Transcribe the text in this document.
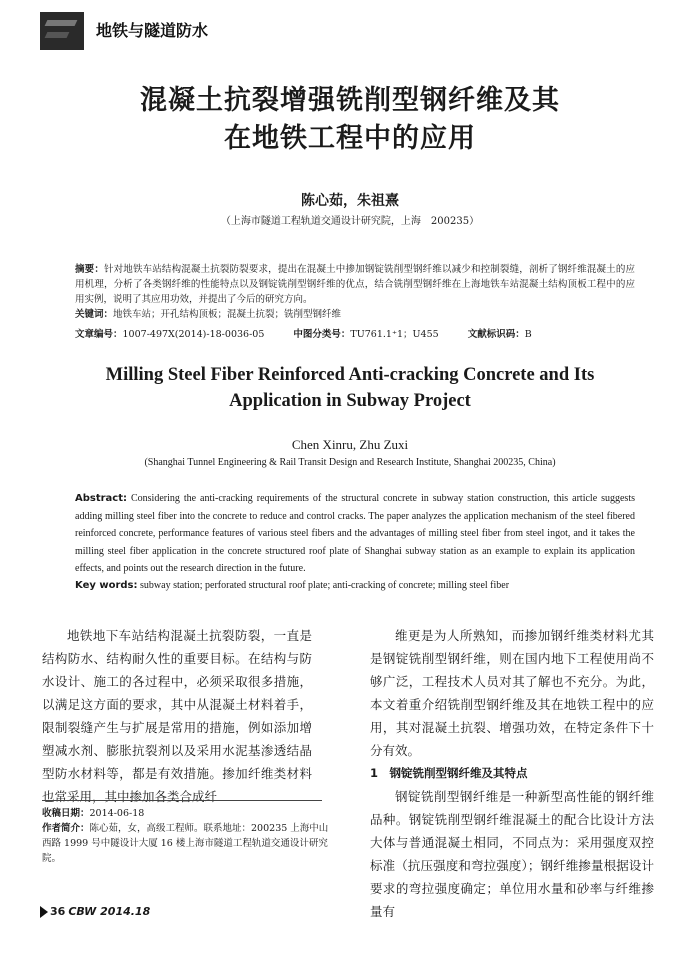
地铁与隧道防水
混凝土抗裂增强铣削型钢纤维及其
在地铁工程中的应用
陈心茹，朱祖熹
（上海市隧道工程轨道交通设计研究院，上海　200235）
摘要：针对地铁车站结构混凝土抗裂防裂要求，提出在混凝土中掺加钢锭铣削型钢纤维以减少和控制裂缝，剖析了钢纤维混凝土的应用机理，分析了各类钢纤维的性能特点以及钢锭铣削型钢纤维的优点，结合铣削型钢纤维在上海地铁车站混凝土结构顶板工程中的应用实例，说明了其应用功效，并提出了今后的研究方向。
关键词：地铁车站；开孔结构顶板；混凝土抗裂；铣削型钢纤维
文章编号：1007-497X(2014)-18-0036-05	中图分类号：TU761.1⁺1；U455	文献标识码：B
Milling Steel Fiber Reinforced Anti-cracking Concrete and Its
Application in Subway Project
Chen Xinru, Zhu Zuxi
(Shanghai Tunnel Engineering & Rail Transit Design and Research Institute, Shanghai 200235, China)
Abstract: Considering the anti-cracking requirements of the structural concrete in subway station construction, this article suggests adding milling steel fiber into the concrete to reduce and control cracks. The paper analyzes the application mechanism of the steel fibered reinforced concrete, performance features of various steel fibers and the advantages of milling steel fiber from steel ingot, and it takes the milling steel fiber application in the concrete structured roof plate of Shanghai subway station as an example to explain its application effects, and points out the research direction in the future.
Key words: subway station; perforated structural roof plate; anti-cracking of concrete; milling steel fiber

地铁地下车站结构混凝土抗裂防裂，一直是结构防水、结构耐久性的重要目标。在结构与防水设计、施工的各过程中，必须采取很多措施，以满足这方面的要求，其中从混凝土材料着手，限制裂缝产生与扩展是常用的措施，例如添加增塑减水剂、膨胀抗裂剂以及采用水泥基渗透结晶型防水材料等，都是有效措施。掺加纤维类材料也常采用，其中掺加各类合成纤

维更是为人所熟知，而掺加钢纤维类材料尤其是钢锭铣削型钢纤维，则在国内地下工程使用尚不够广泛，工程技术人员对其了解也不充分。为此，本文着重介绍铣削型钢纤维及其在地铁工程中的应用，其对混凝土抗裂、增强功效，在特定条件下十分有效。

1　钢锭铣削型钢纤维及其特点

钢锭铣削型钢纤维是一种新型高性能的钢纤维品种。钢锭铣削型钢纤维混凝土的配合比设计方法大体与普通混凝土相同，不同点为：采用强度双控标准（抗压强度和弯拉强度）；钢纤维掺量根据设计要求的弯拉强度确定；单位用水量和砂率与纤维掺量有

收稿日期：2014-06-18
作者简介：陈心茹，女，高级工程师。联系地址：200235 上海中山西路 1999 号中隧设计大厦 16 楼上海市隧道工程轨道交通设计研究院。
36 CBW 2014.18
